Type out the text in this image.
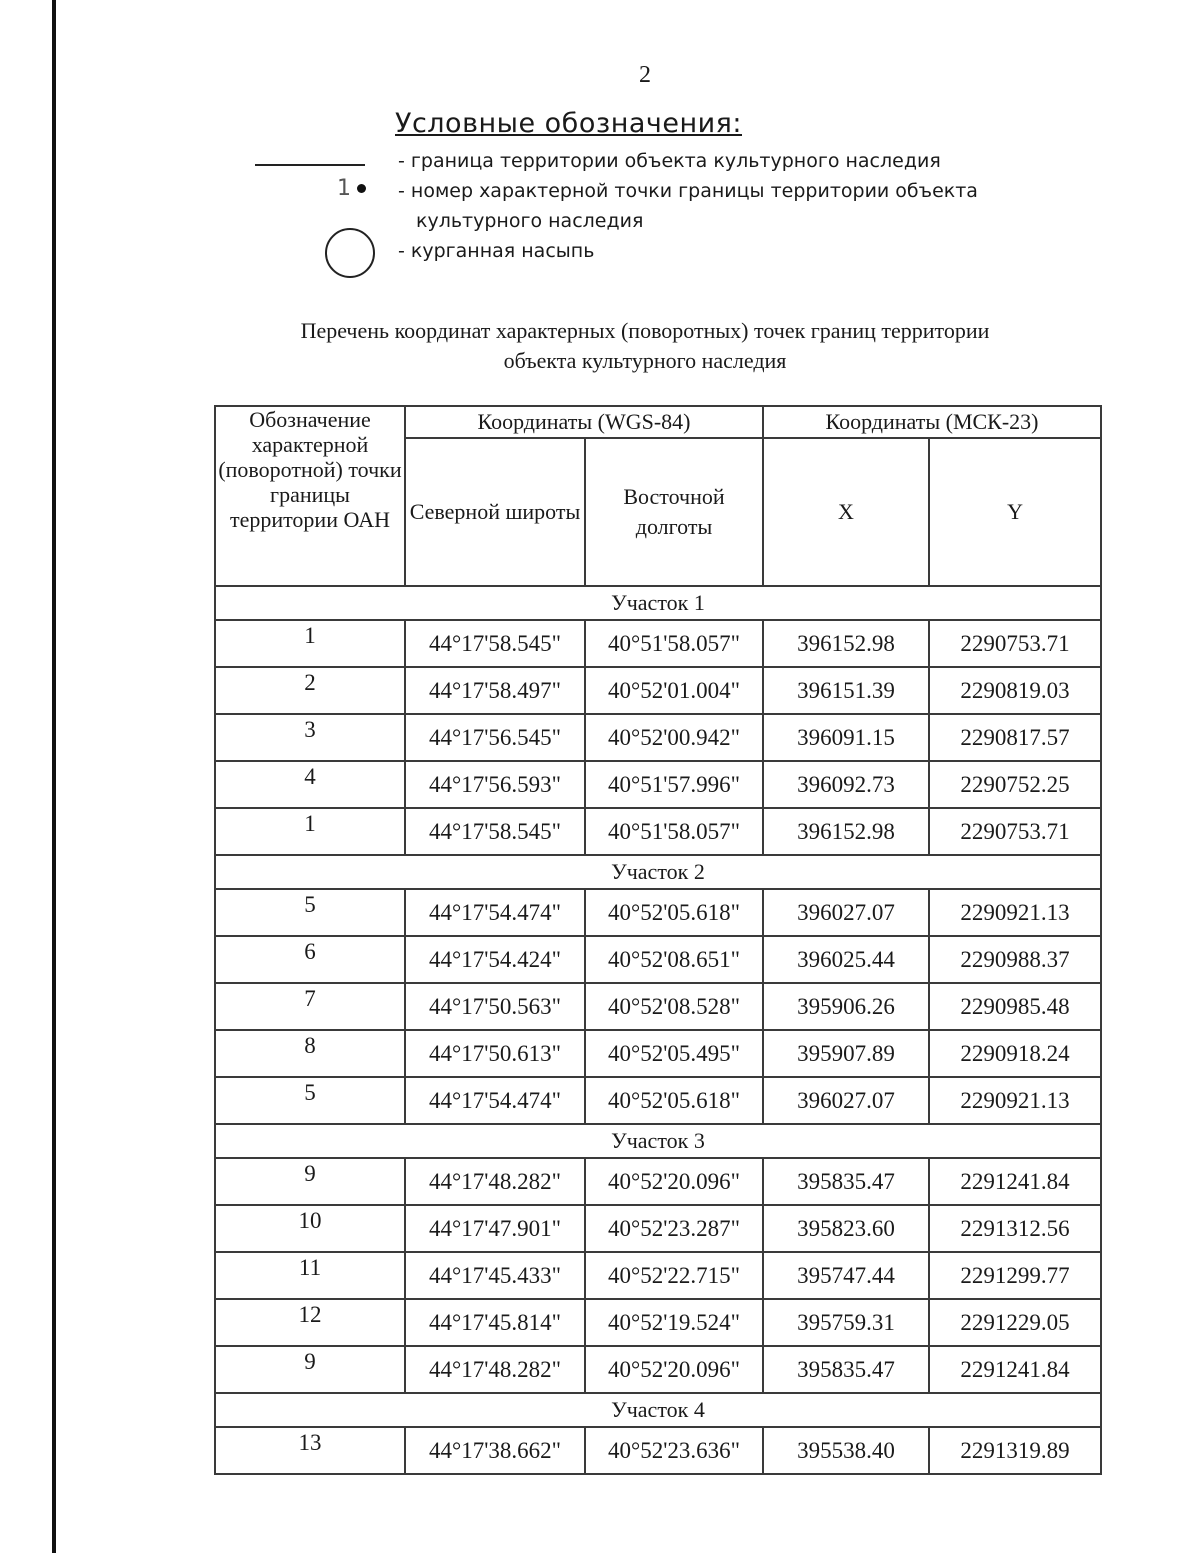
2
Условные обозначения:
- граница территории объекта культурного наследия
1 - номер характерной точки границы территории объекта
культурного наследия
- курганная насыпь
Перечень координат характерных (поворотных) точек границ территории
объекта культурного наследия
Обозначение характерной (поворотной) точки границы территории ОАН	Координаты (WGS-84)		Координаты (МСК-23)	
	Северной широты	Восточной долготы	X	Y
Участок 1				
1	44°17'58.545"	40°51'58.057"	396152.98	2290753.71
2	44°17'58.497"	40°52'01.004"	396151.39	2290819.03
3	44°17'56.545"	40°52'00.942"	396091.15	2290817.57
4	44°17'56.593"	40°51'57.996"	396092.73	2290752.25
1	44°17'58.545"	40°51'58.057"	396152.98	2290753.71
Участок 2				
5	44°17'54.474"	40°52'05.618"	396027.07	2290921.13
6	44°17'54.424"	40°52'08.651"	396025.44	2290988.37
7	44°17'50.563"	40°52'08.528"	395906.26	2290985.48
8	44°17'50.613"	40°52'05.495"	395907.89	2290918.24
5	44°17'54.474"	40°52'05.618"	396027.07	2290921.13
Участок 3				
9	44°17'48.282"	40°52'20.096"	395835.47	2291241.84
10	44°17'47.901"	40°52'23.287"	395823.60	2291312.56
11	44°17'45.433"	40°52'22.715"	395747.44	2291299.77
12	44°17'45.814"	40°52'19.524"	395759.31	2291229.05
9	44°17'48.282"	40°52'20.096"	395835.47	2291241.84
Участок 4				
13	44°17'38.662"	40°52'23.636"	395538.40	2291319.89
